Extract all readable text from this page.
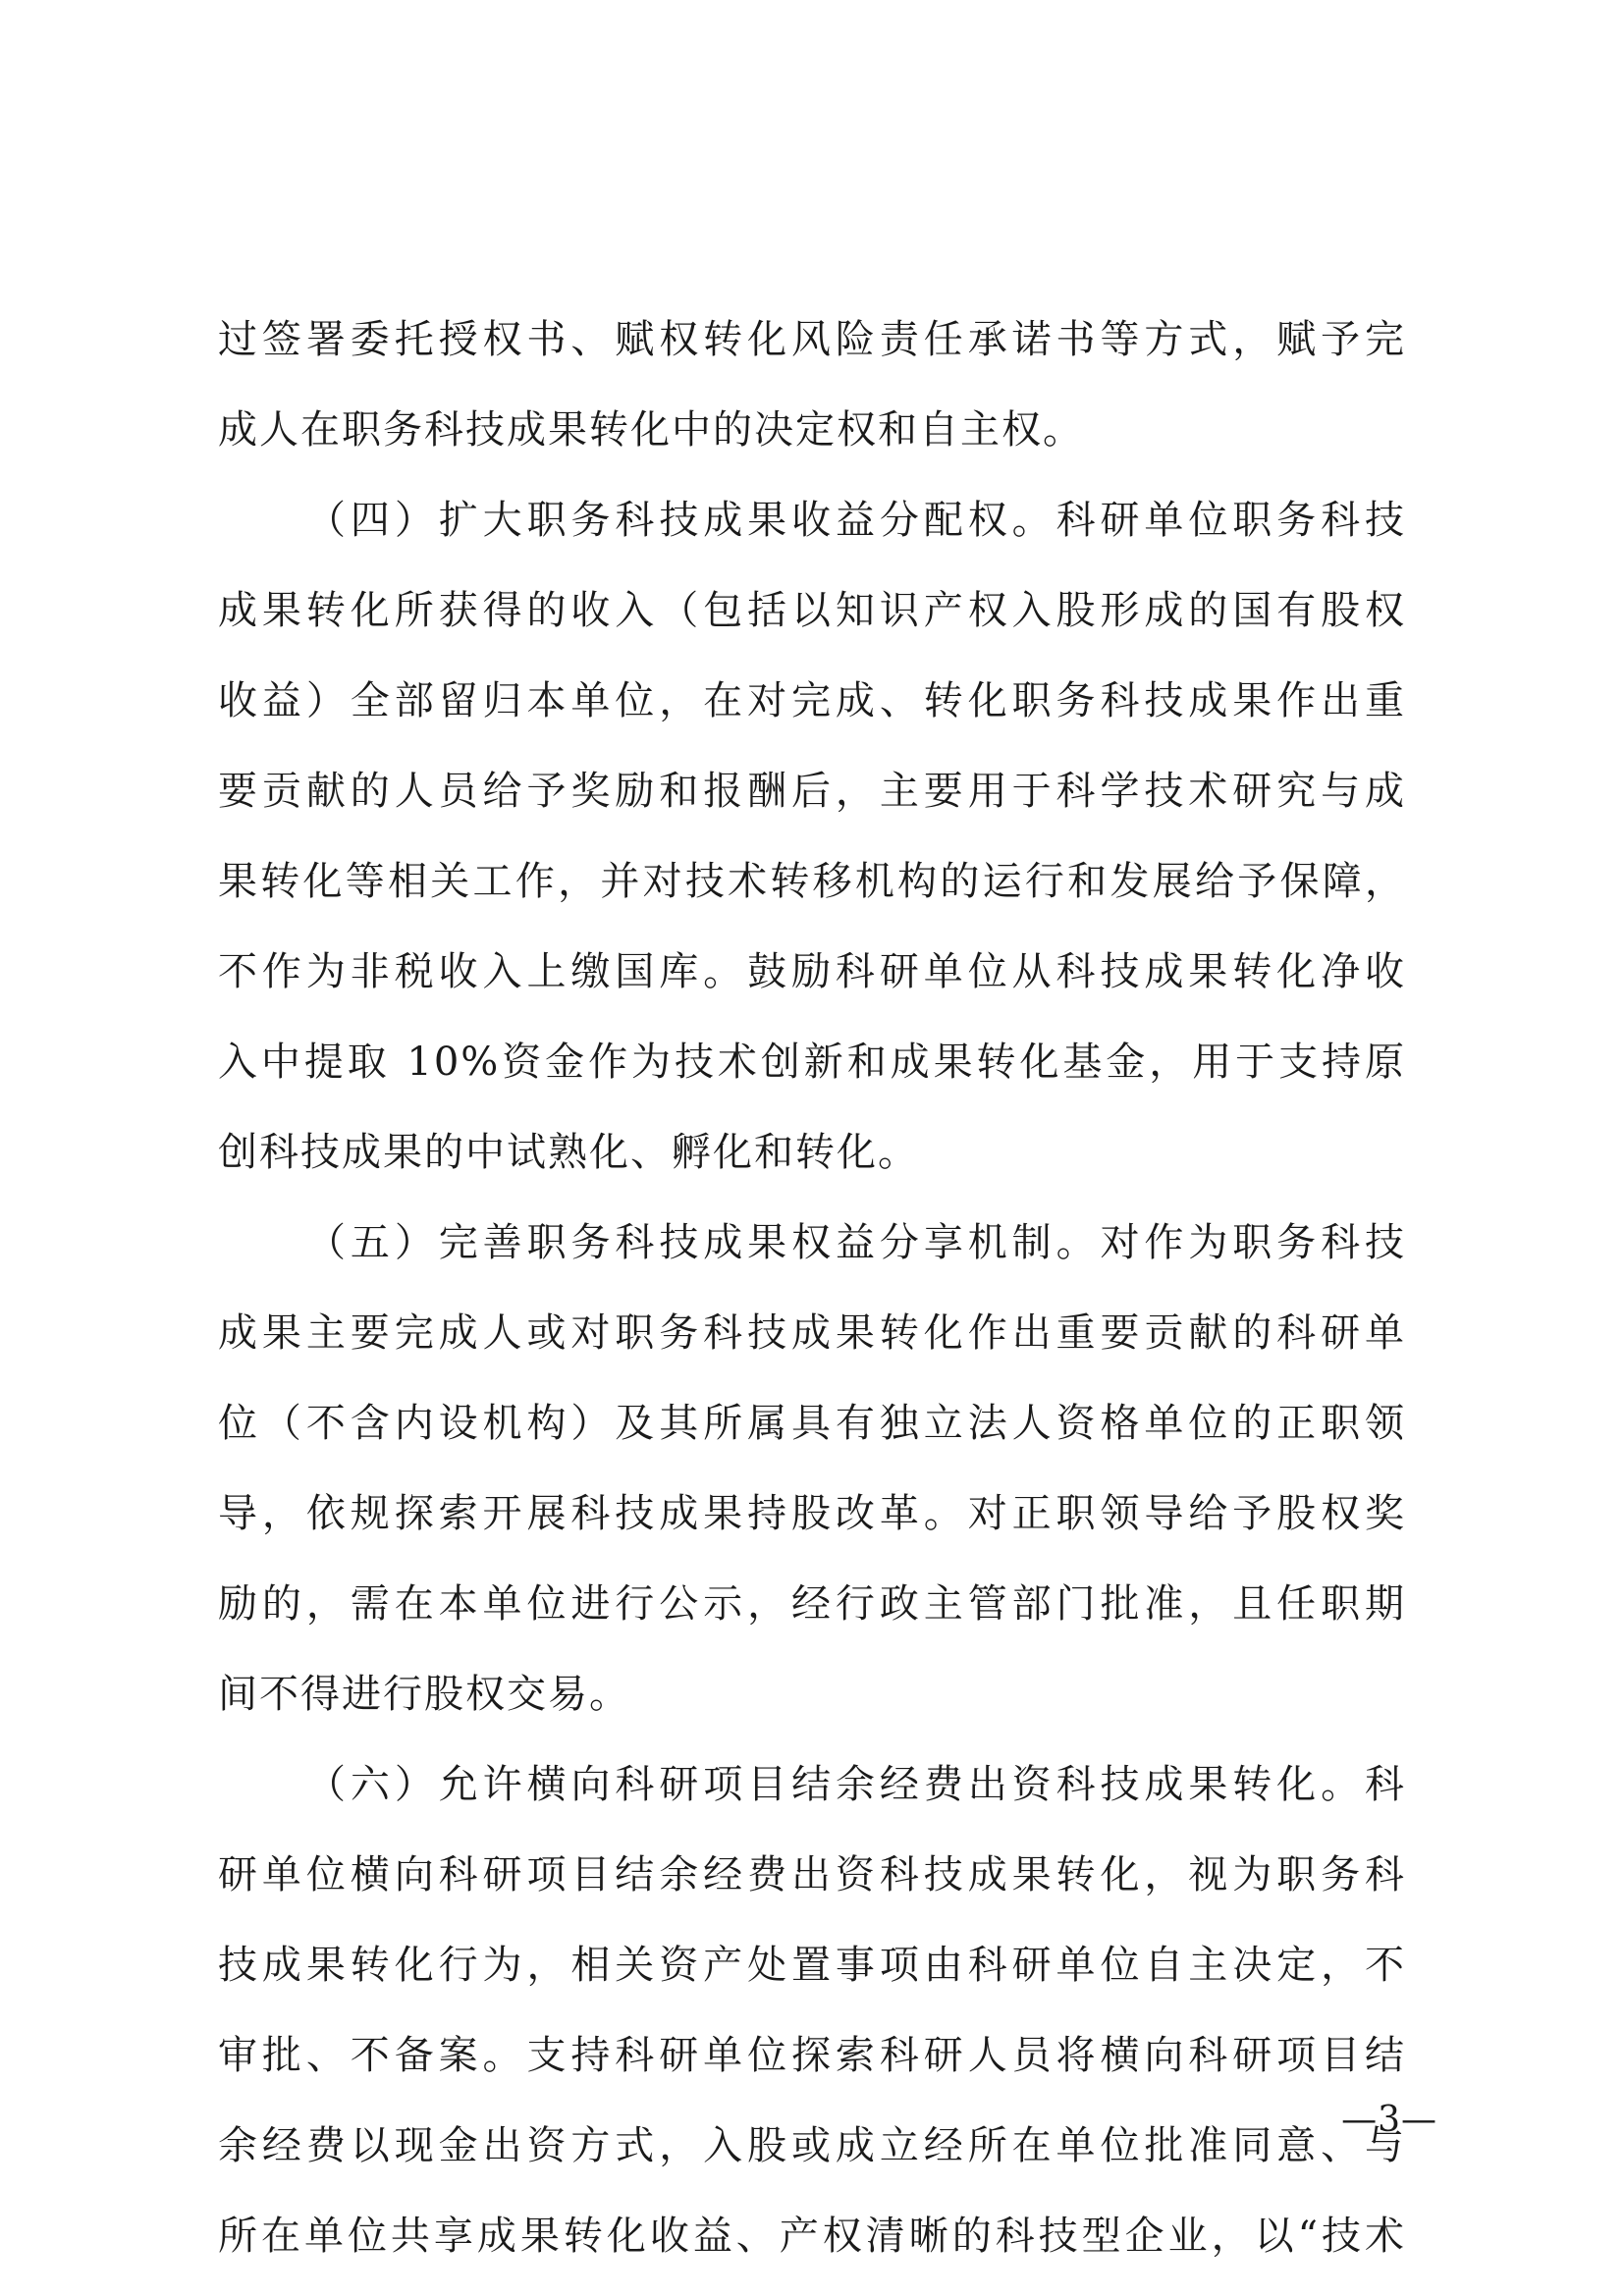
过签署委托授权书、赋权转化风险责任承诺书等方式，赋予完
成人在职务科技成果转化中的决定权和自主权。

（四）扩大职务科技成果收益分配权。科研单位职务科技
成果转化所获得的收入（包括以知识产权入股形成的国有股权
收益）全部留归本单位，在对完成、转化职务科技成果作出重
要贡献的人员给予奖励和报酬后，主要用于科学技术研究与成
果转化等相关工作，并对技术转移机构的运行和发展给予保障，
不作为非税收入上缴国库。鼓励科研单位从科技成果转化净收
入中提取 10%资金作为技术创新和成果转化基金，用于支持原
创科技成果的中试熟化、孵化和转化。

（五）完善职务科技成果权益分享机制。对作为职务科技
成果主要完成人或对职务科技成果转化作出重要贡献的科研单
位（不含内设机构）及其所属具有独立法人资格单位的正职领
导，依规探索开展科技成果持股改革。对正职领导给予股权奖
励的，需在本单位进行公示，经行政主管部门批准，且任职期
间不得进行股权交易。

（六）允许横向科研项目结余经费出资科技成果转化。科
研单位横向科研项目结余经费出资科技成果转化，视为职务科
技成果转化行为，相关资产处置事项由科研单位自主决定，不
审批、不备案。支持科研单位探索科研人员将横向科研项目结
余经费以现金出资方式，入股或成立经所在单位批准同意、与
所在单位共享成果转化收益、产权清晰的科技型企业，以“技术

—3—
